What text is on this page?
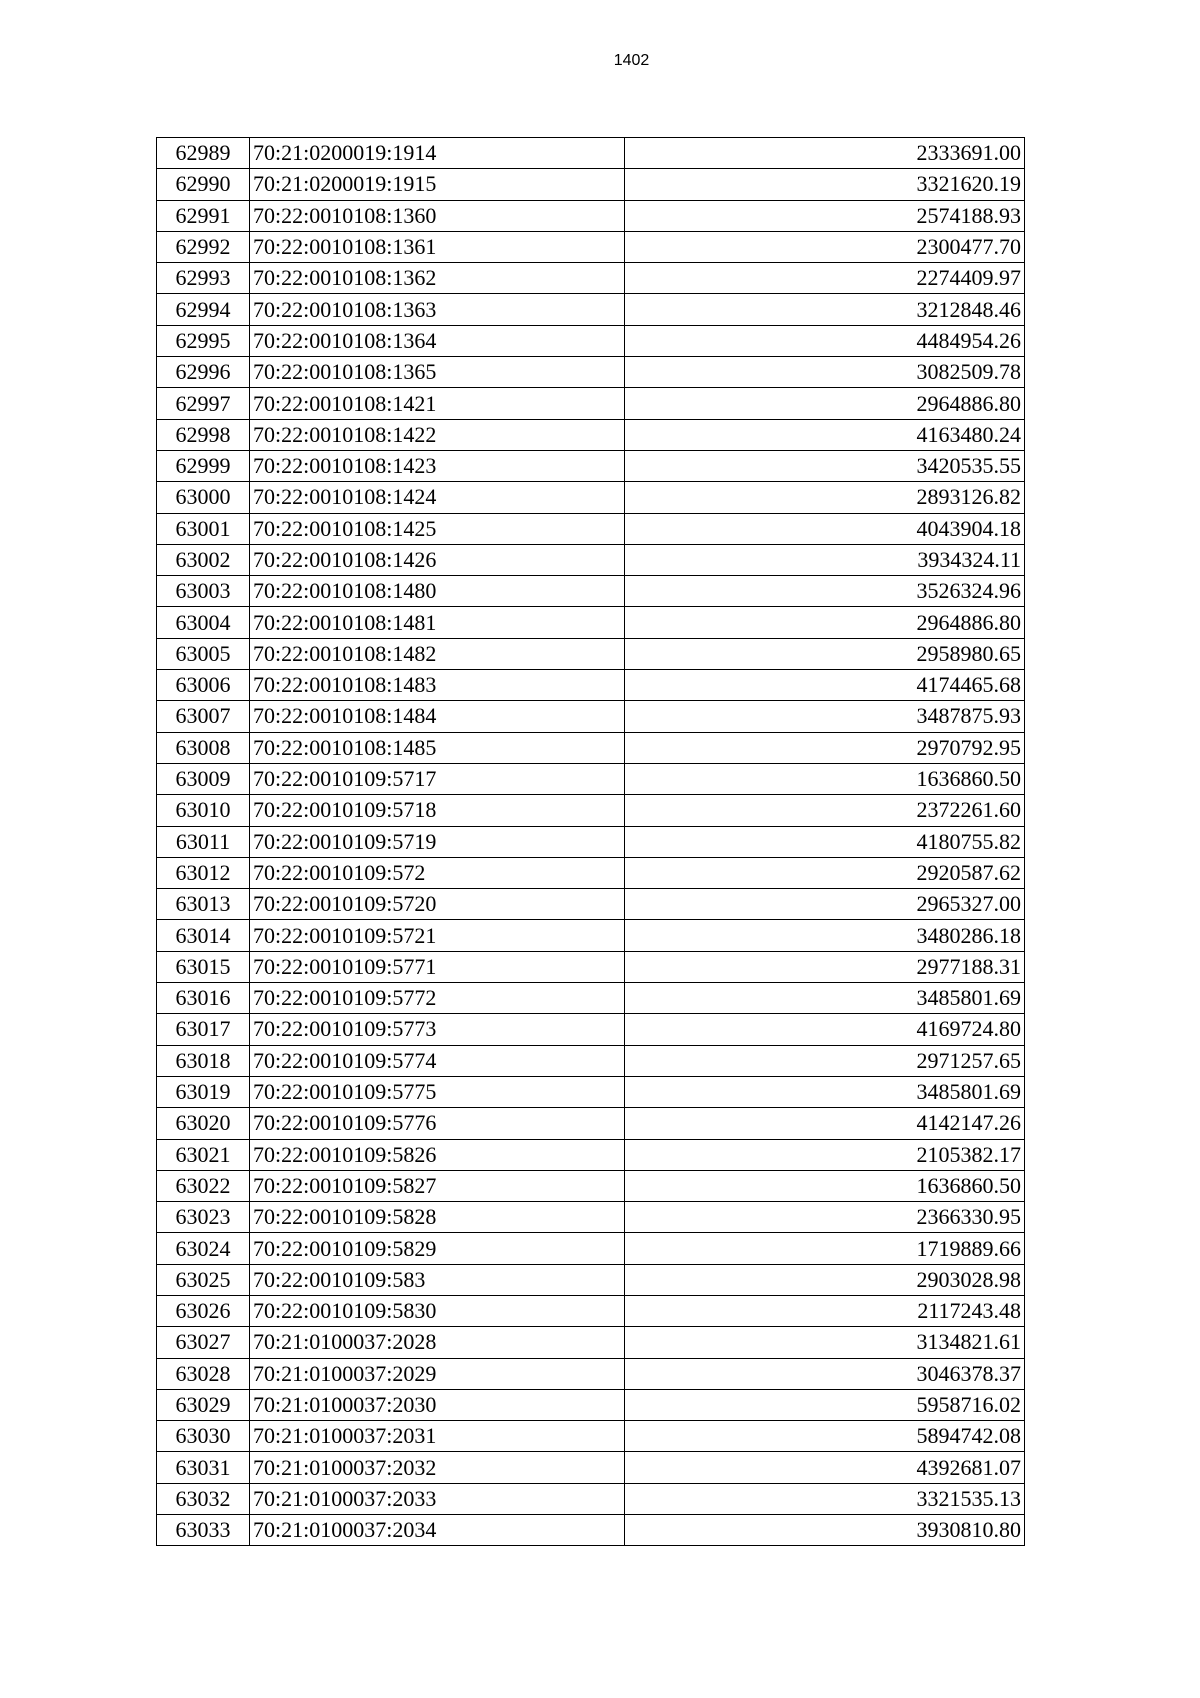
1402
62989	70:21:0200019:1914	2333691.00
62990	70:21:0200019:1915	3321620.19
62991	70:22:0010108:1360	2574188.93
62992	70:22:0010108:1361	2300477.70
62993	70:22:0010108:1362	2274409.97
62994	70:22:0010108:1363	3212848.46
62995	70:22:0010108:1364	4484954.26
62996	70:22:0010108:1365	3082509.78
62997	70:22:0010108:1421	2964886.80
62998	70:22:0010108:1422	4163480.24
62999	70:22:0010108:1423	3420535.55
63000	70:22:0010108:1424	2893126.82
63001	70:22:0010108:1425	4043904.18
63002	70:22:0010108:1426	3934324.11
63003	70:22:0010108:1480	3526324.96
63004	70:22:0010108:1481	2964886.80
63005	70:22:0010108:1482	2958980.65
63006	70:22:0010108:1483	4174465.68
63007	70:22:0010108:1484	3487875.93
63008	70:22:0010108:1485	2970792.95
63009	70:22:0010109:5717	1636860.50
63010	70:22:0010109:5718	2372261.60
63011	70:22:0010109:5719	4180755.82
63012	70:22:0010109:572	2920587.62
63013	70:22:0010109:5720	2965327.00
63014	70:22:0010109:5721	3480286.18
63015	70:22:0010109:5771	2977188.31
63016	70:22:0010109:5772	3485801.69
63017	70:22:0010109:5773	4169724.80
63018	70:22:0010109:5774	2971257.65
63019	70:22:0010109:5775	3485801.69
63020	70:22:0010109:5776	4142147.26
63021	70:22:0010109:5826	2105382.17
63022	70:22:0010109:5827	1636860.50
63023	70:22:0010109:5828	2366330.95
63024	70:22:0010109:5829	1719889.66
63025	70:22:0010109:583	2903028.98
63026	70:22:0010109:5830	2117243.48
63027	70:21:0100037:2028	3134821.61
63028	70:21:0100037:2029	3046378.37
63029	70:21:0100037:2030	5958716.02
63030	70:21:0100037:2031	5894742.08
63031	70:21:0100037:2032	4392681.07
63032	70:21:0100037:2033	3321535.13
63033	70:21:0100037:2034	3930810.80
